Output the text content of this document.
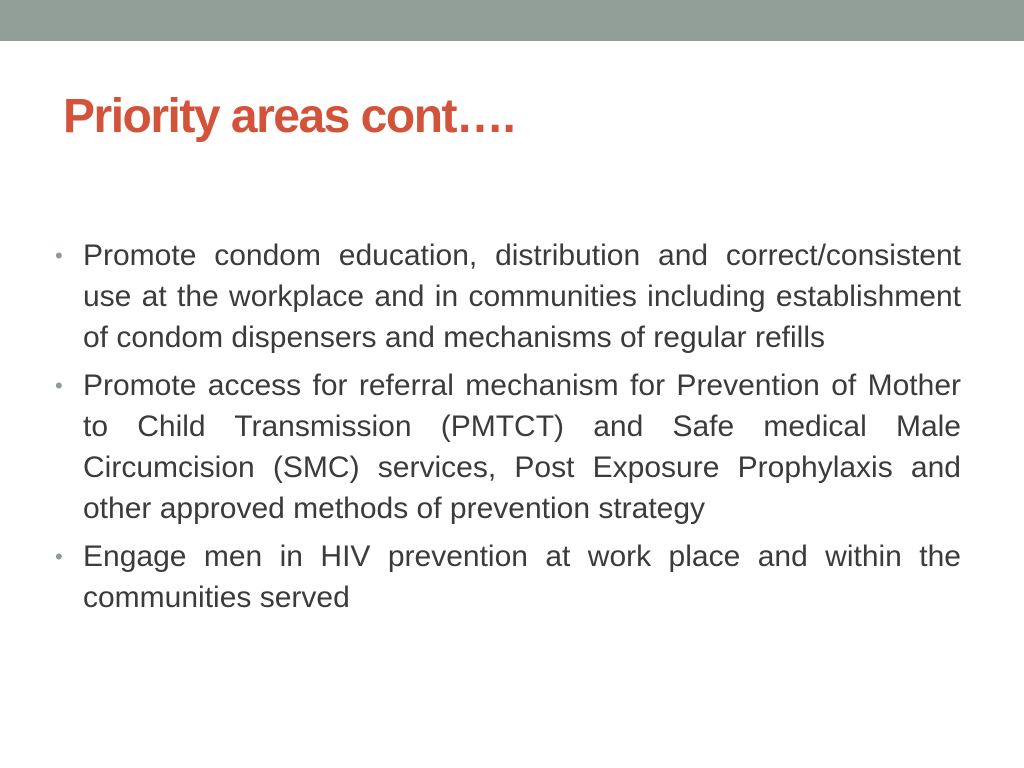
Priority areas cont….
• Promote condom education, distribution and correct/consistent use at the workplace and in communities including establishment of condom dispensers and mechanisms of regular refills
• Promote access for referral mechanism for Prevention of Mother to Child Transmission (PMTCT) and Safe medical Male Circumcision (SMC) services, Post Exposure Prophylaxis and other approved methods of prevention strategy
• Engage men in HIV prevention at work place and within the communities served
